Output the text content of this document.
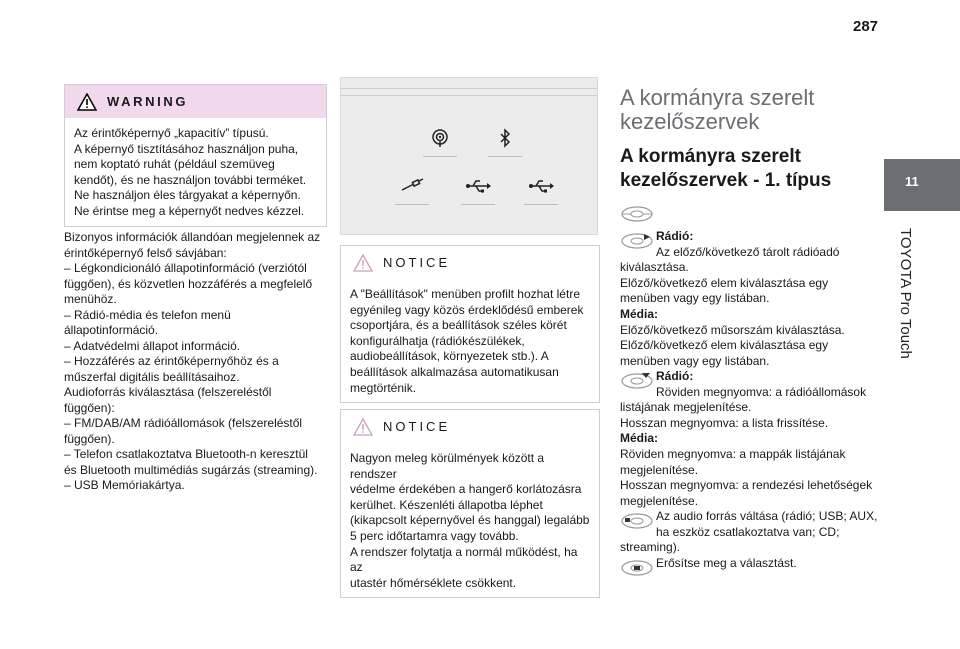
287
11
TOYOTA Pro Touch
WARNING
Az érintőképernyő „kapacitív” típusú.
A képernyő tisztításához használjon puha,
nem koptató ruhát (például szemüveg
kendőt), és ne használjon további terméket.
Ne használjon éles tárgyakat a képernyőn.
Ne érintse meg a képernyőt nedves kézzel.
Bizonyos információk állandóan megjelennek az
érintőképernyő felső sávjában:
– Légkondicionáló állapotinformáció (verziótól
függően), és közvetlen hozzáférés a megfelelő
menühöz.
– Rádió-média és telefon menü
állapotinformáció.
– Adatvédelmi állapot információ.
– Hozzáférés az érintőképernyőhöz és a
műszerfal digitális beállításaihoz.
Audioforrás kiválasztása (felszereléstől
függően):
– FM/DAB/AM rádióállomások (felszereléstől
függően).
– Telefon csatlakoztatva Bluetooth-n keresztül
és Bluetooth multimédiás sugárzás (streaming).
– USB Memóriakártya.
NOTICE
A "Beállítások" menüben profilt hozhat létre
egyénileg vagy közös érdeklődésű emberek
csoportjára, és a beállítások széles körét
konfigurálhatja (rádiókészülékek,
audiobeállítások, környezetek stb.). A
beállítások alkalmazása automatikusan
megtörténik.
NOTICE
Nagyon meleg körülmények között a rendszer
védelme érdekében a hangerő korlátozásra
kerülhet. Készenléti állapotba léphet
(kikapcsolt képernyővel és hanggal) legalább
5 perc időtartamra vagy tovább.
A rendszer folytatja a normál működést, ha az
utastér hőmérséklete csökkent.
A kormányra szerelt
kezelőszervek
A kormányra szerelt
kezelőszervek - 1. típus
Rádió:
Az előző/következő tárolt rádióadó
kiválasztása.
Előző/következő elem kiválasztása egy
menüben vagy egy listában.
Média:
Előző/következő műsorszám kiválasztása.
Előző/következő elem kiválasztása egy
menüben vagy egy listában.
Rádió:
Röviden megnyomva: a rádióállomások
listájának megjelenítése.
Hosszan megnyomva: a lista frissítése.
Média:
Röviden megnyomva: a mappák listájának
megjelenítése.
Hosszan megnyomva: a rendezési lehetőségek
megjelenítése.
Az audio forrás váltása (rádió; USB; AUX,
ha eszköz csatlakoztatva van; CD;
streaming).
Erősítse meg a választást.
